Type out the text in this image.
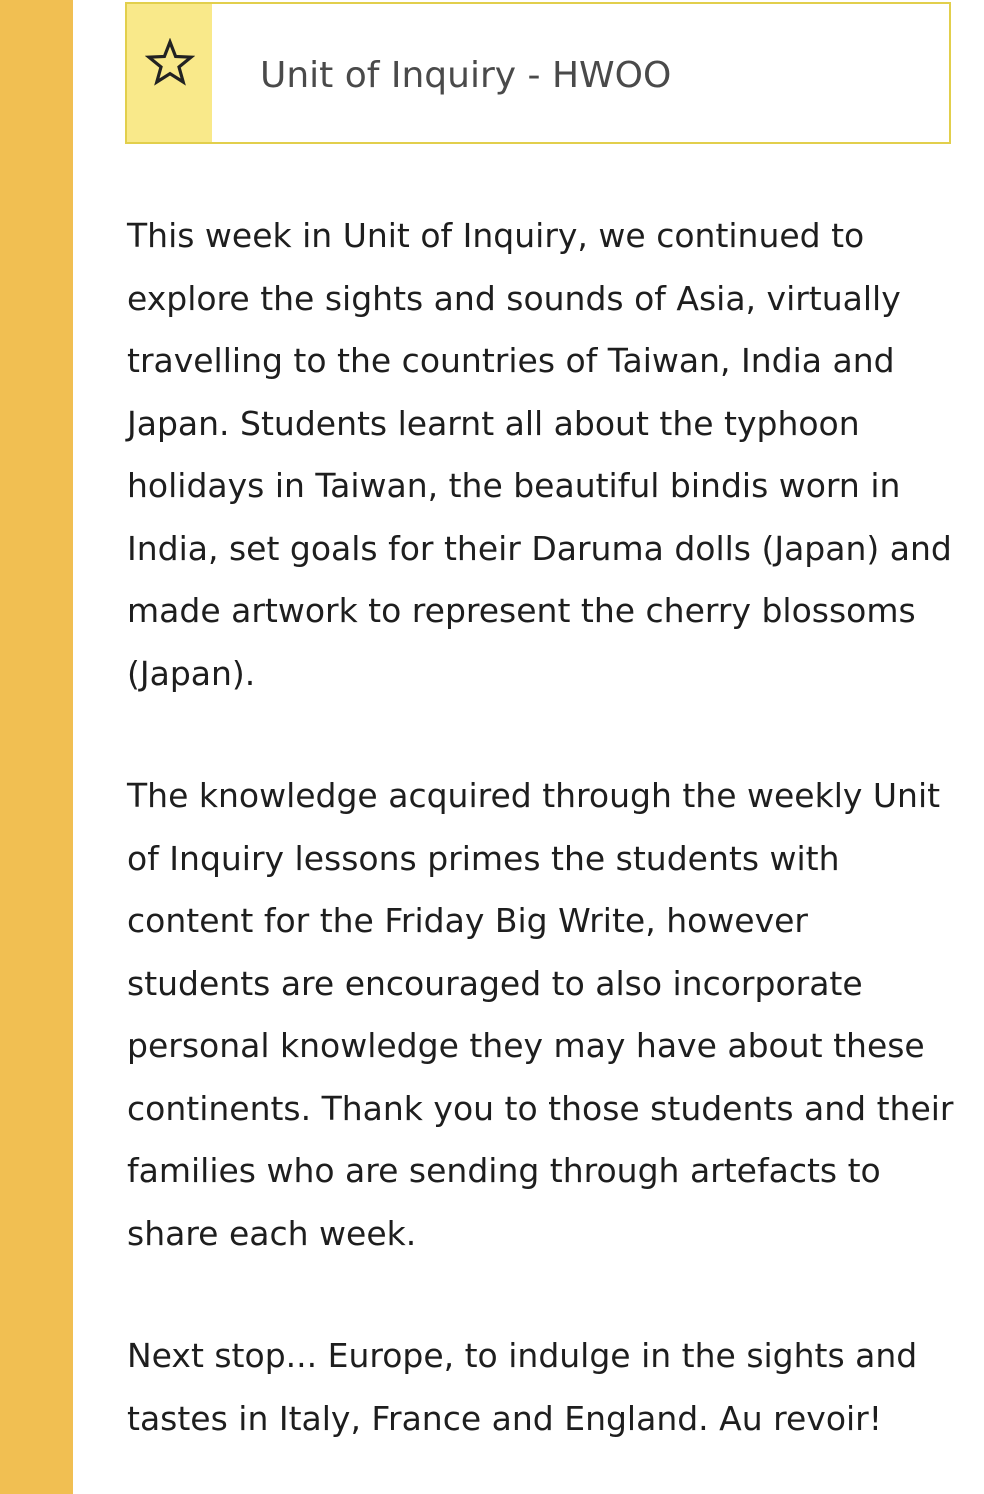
Unit of Inquiry - HWOO

This week in Unit of Inquiry, we continued to explore the sights and sounds of Asia, virtually travelling to the countries of Taiwan, India and Japan. Students learnt all about the typhoon holidays in Taiwan, the beautiful bindis worn in India, set goals for their Daruma dolls (Japan) and made artwork to represent the cherry blossoms (Japan).

The knowledge acquired through the weekly Unit of Inquiry lessons primes the students with content for the Friday Big Write, however students are encouraged to also incorporate personal knowledge they may have about these continents. Thank you to those students and their families who are sending through artefacts to share each week.

Next stop... Europe, to indulge in the sights and tastes in Italy, France and England. Au revoir!
